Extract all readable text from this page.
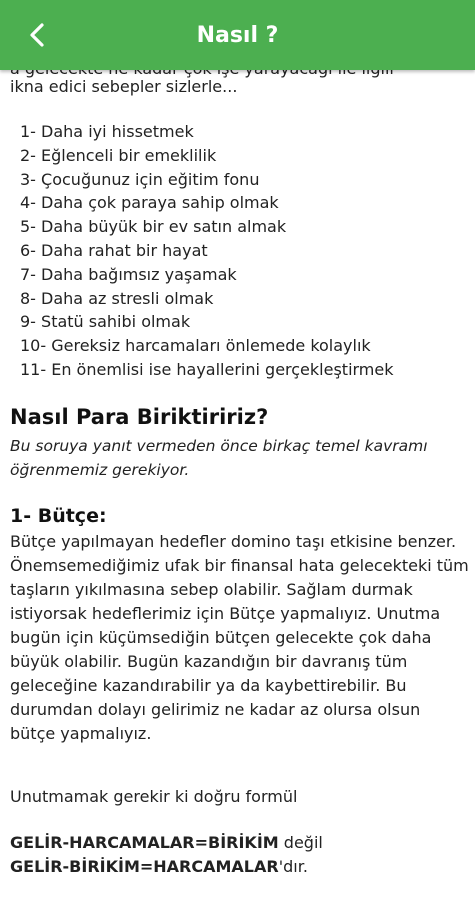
ikna edici sebepler sizlerle...
1- Daha iyi hissetmek
2- Eğlenceli bir emeklilik
3- Çocuğunuz için eğitim fonu
4- Daha çok paraya sahip olmak
5- Daha büyük bir ev satın almak
6- Daha rahat bir hayat
7- Daha bağımsız yaşamak
8- Daha az stresli olmak
9- Statü sahibi olmak
10- Gereksiz harcamaları önlemede kolaylık
11- En önemlisi ise hayallerini gerçekleştirmek
Nasıl Para Biriktiririz?
Bu soruya yanıt vermeden önce birkaç temel kavramı öğrenmemiz gerekiyor.
1- Bütçe:

Bütçe yapılmayan hedefler domino taşı etkisine benzer. Önemsemediğimiz ufak bir finansal hata gelecekteki tüm taşların yıkılmasına sebep olabilir. Sağlam durmak istiyorsak hedeflerimiz için Bütçe yapmalıyız. Unutma bugün için küçümsediğin bütçen gelecekte çok daha büyük olabilir. Bugün kazandığın bir davranış tüm geleceğine kazandırabilir ya da kaybettirebilir. Bu durumdan dolayı gelirimiz ne kadar az olursa olsun bütçe yapmalıyız.

Unutmamak gerekir ki doğru formül
GELİR-HARCAMALAR=BİRİKİM değil
GELİR-BİRİKİM=HARCAMALAR'dır.
Nasıl ?
